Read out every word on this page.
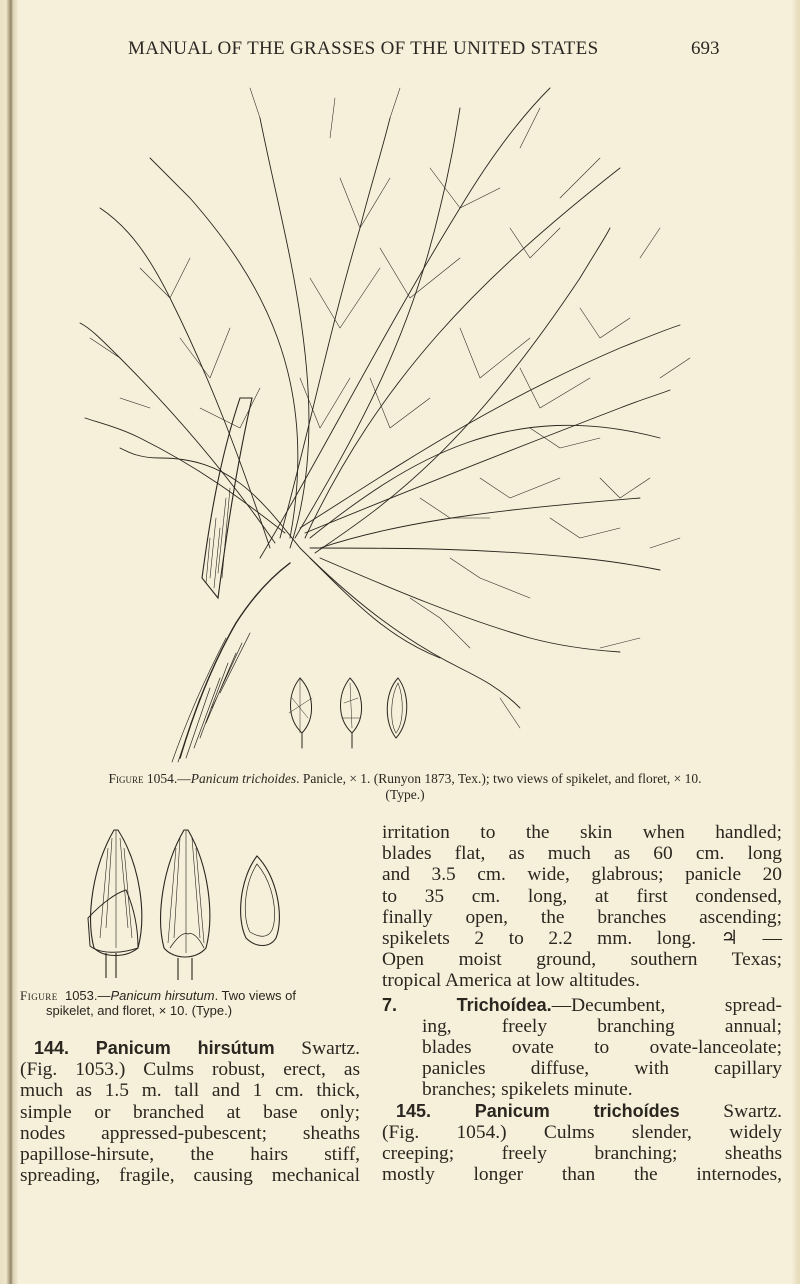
MANUAL OF THE GRASSES OF THE UNITED STATES	693
Figure 1054.—Panicum trichoides. Panicle, × 1. (Runyon 1873, Tex.); two views of spikelet, and floret, × 10.
(Type.)
Figure 1053.—Panicum hirsutum. Two views of
spikelet, and floret, × 10. (Type.)

144. Panicum hirsútum Swartz.

(Fig. 1053.) Culms robust, erect, as

much as 1.5 m. tall and 1 cm. thick,

simple or branched at base only;

nodes appressed-pubescent; sheaths

papillose-hirsute, the hairs stiff,

spreading, fragile, causing mechanical

irritation to the skin when handled;

blades flat, as much as 60 cm. long

and 3.5 cm. wide, glabrous; panicle 20

to 35 cm. long, at first condensed,

finally open, the branches ascending;

spikelets 2 to 2.2 mm. long. ♃ —

Open moist ground, southern Texas;

tropical America at low altitudes.

7.	Trichoídea.—Decumbent, spread-

ing, freely branching annual;

blades ovate to ovate-lanceolate;

panicles diffuse, with capillary

branches; spikelets minute.

145. Panicum trichoídes Swartz.

(Fig. 1054.) Culms slender, widely

creeping; freely branching; sheaths

mostly longer than the internodes,
